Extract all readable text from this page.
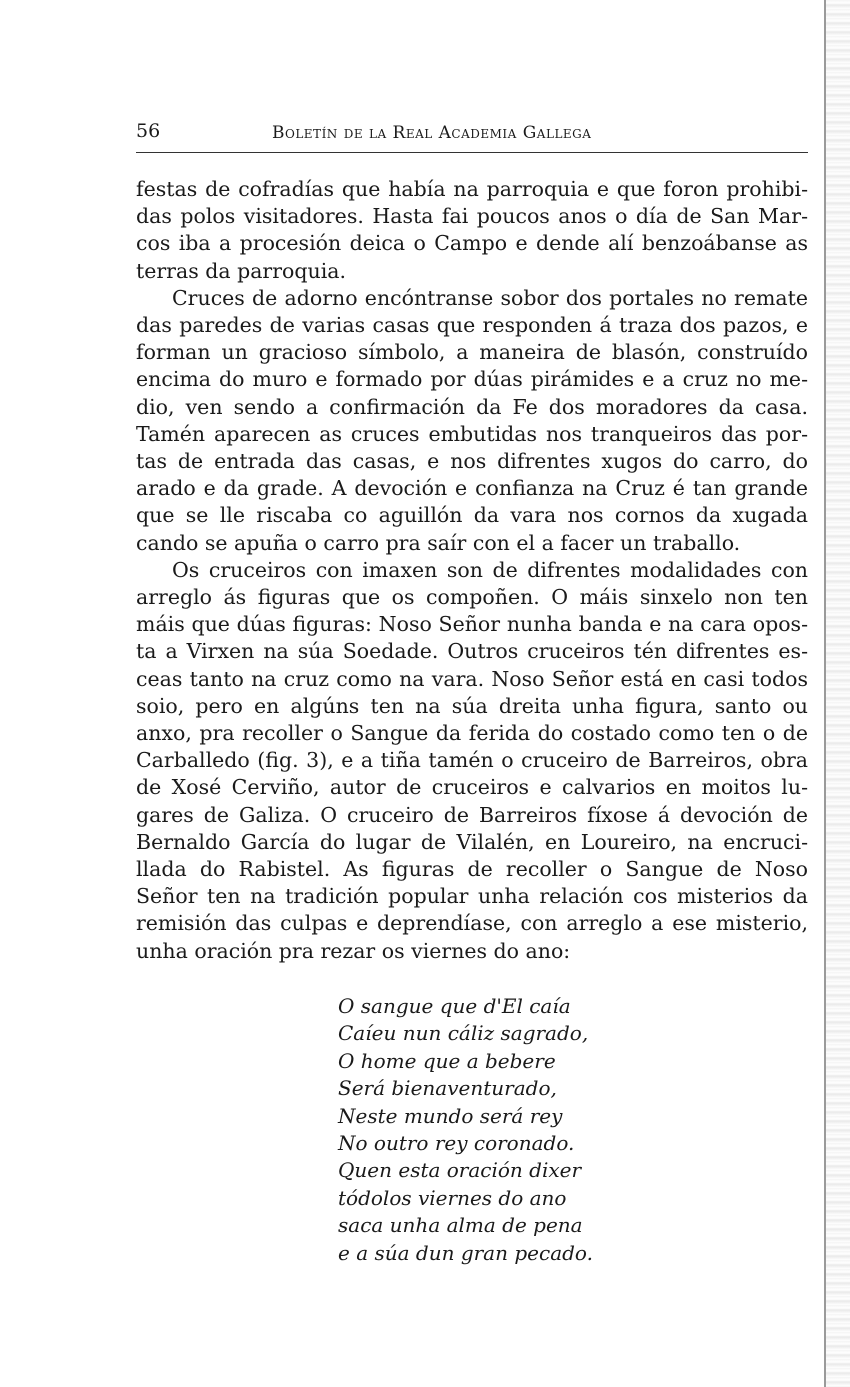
56	Boletín de la Real Academia Gallega

festas de cofradías que había na parroquia e que foron prohibidas polos visitadores. Hasta fai poucos anos o día de San Marcos iba a procesión deica o Campo e dende alí benzoábanse as terras da parroquia.

Cruces de adorno encóntranse sobor dos portales no remate das paredes de varias casas que responden á traza dos pazos, e forman un gracioso símbolo, a maneira de blasón, construído encima do muro e formado por dúas pirámides e a cruz no medio, ven sendo a confirmación da Fe dos moradores da casa. Tamén aparecen as cruces embutidas nos tranqueiros das portas de entrada das casas, e nos difrentes xugos do carro, do arado e da grade. A devoción e confianza na Cruz é tan grande que se lle riscaba co aguillón da vara nos cornos da xugada cando se apuña o carro pra saír con el a facer un traballo.

Os cruceiros con imaxen son de difrentes modalidades con arreglo ás figuras que os compoñen. O máis sinxelo non ten máis que dúas figuras: Noso Señor nunha banda e na cara oposta a Virxen na súa Soedade. Outros cruceiros tén difrentes esceas tanto na cruz como na vara. Noso Señor está en casi todos soio, pero en algúns ten na súa dreita unha figura, santo ou anxo, pra recoller o Sangue da ferida do costado como ten o de Carballedo (fig. 3), e a tiña tamén o cruceiro de Barreiros, obra de Xosé Cerviño, autor de cruceiros e calvarios en moitos lugares de Galiza. O cruceiro de Barreiros fíxose á devoción de Bernaldo García do lugar de Vilalén, en Loureiro, na encrucillada do Rabistel. As figuras de recoller o Sangue de Noso Señor ten na tradición popular unha relación cos misterios da remisión das culpas e deprendíase, con arreglo a ese misterio, unha oración pra rezar os viernes do ano:

O sangue que d'El caía
Caíeu nun cáliz sagrado,
O home que a bebere
Será bienaventurado,
Neste mundo será rey
No outro rey coronado.
Quen esta oración dixer
tódolos viernes do ano
saca unha alma de pena
e a súa dun gran pecado.
